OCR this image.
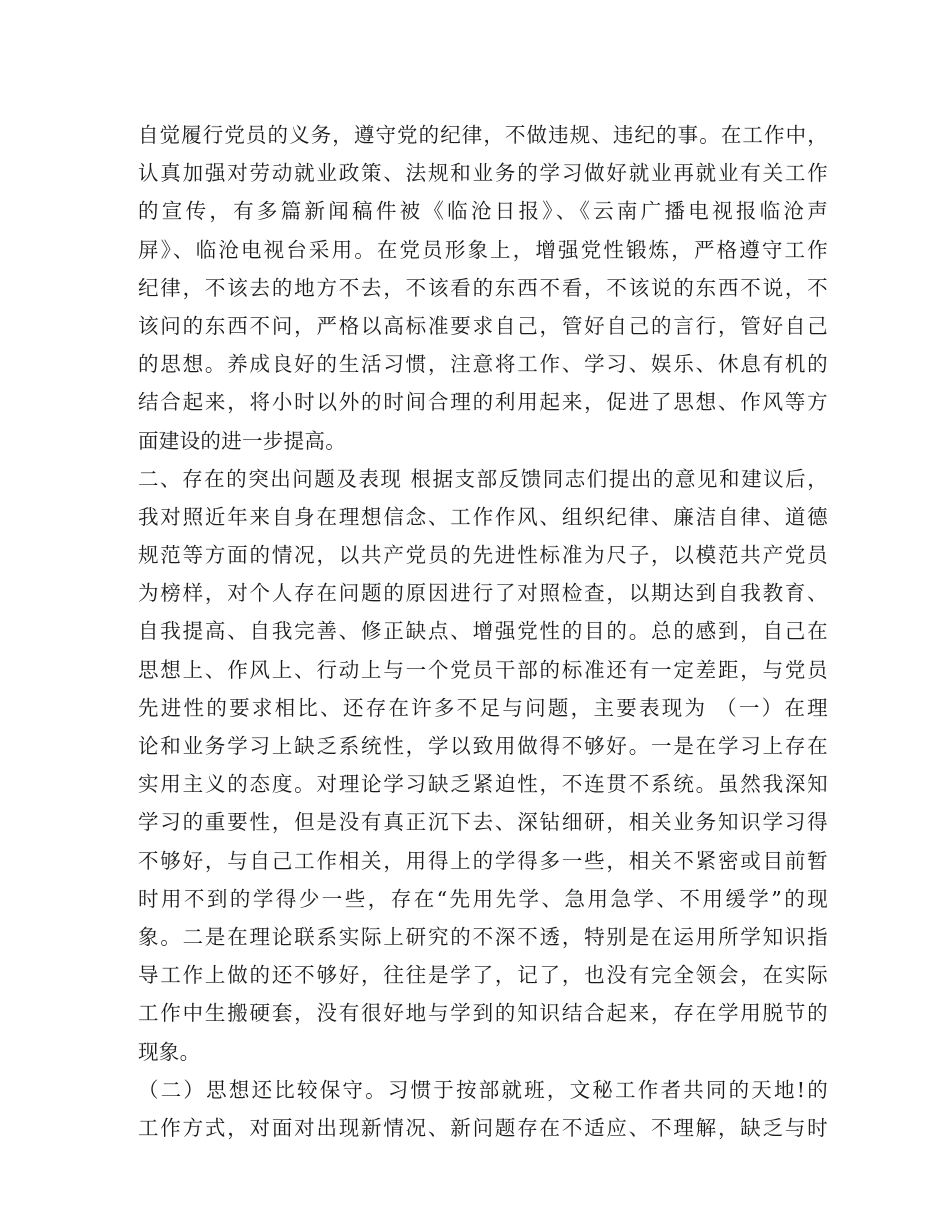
自觉履行党员的义务，遵守党的纪律，不做违规、违纪的事。在工作中，
认真加强对劳动就业政策、法规和业务的学习做好就业再就业有关工作
的宣传，有多篇新闻稿件被《临沧日报》、《云南广播电视报临沧声
屏》、临沧电视台采用。在党员形象上，增强党性锻炼，严格遵守工作
纪律，不该去的地方不去，不该看的东西不看，不该说的东西不说，不
该问的东西不问，严格以高标准要求自己，管好自己的言行，管好自己
的思想。养成良好的生活习惯，注意将工作、学习、娱乐、休息有机的
结合起来，将小时以外的时间合理的利用起来，促进了思想、作风等方
面建设的进一步提高。
二、存在的突出问题及表现 根据支部反馈同志们提出的意见和建议后，
我对照近年来自身在理想信念、工作作风、组织纪律、廉洁自律、道德
规范等方面的情况，以共产党员的先进性标准为尺子，以模范共产党员
为榜样，对个人存在问题的原因进行了对照检查，以期达到自我教育、
自我提高、自我完善、修正缺点、增强党性的目的。总的感到，自己在
思想上、作风上、行动上与一个党员干部的标准还有一定差距，与党员
先进性的要求相比、还存在许多不足与问题，主要表现为 （一）在理
论和业务学习上缺乏系统性，学以致用做得不够好。一是在学习上存在
实用主义的态度。对理论学习缺乏紧迫性，不连贯不系统。虽然我深知
学习的重要性，但是没有真正沉下去、深钻细研，相关业务知识学习得
不够好，与自己工作相关，用得上的学得多一些，相关不紧密或目前暂
时用不到的学得少一些，存在“先用先学、急用急学、不用缓学”的现
象。二是在理论联系实际上研究的不深不透，特别是在运用所学知识指
导工作上做的还不够好，往往是学了，记了，也没有完全领会，在实际
工作中生搬硬套，没有很好地与学到的知识结合起来，存在学用脱节的
现象。
（二）思想还比较保守。习惯于按部就班，文秘工作者共同的天地!的
工作方式，对面对出现新情况、新问题存在不适应、不理解，缺乏与时
